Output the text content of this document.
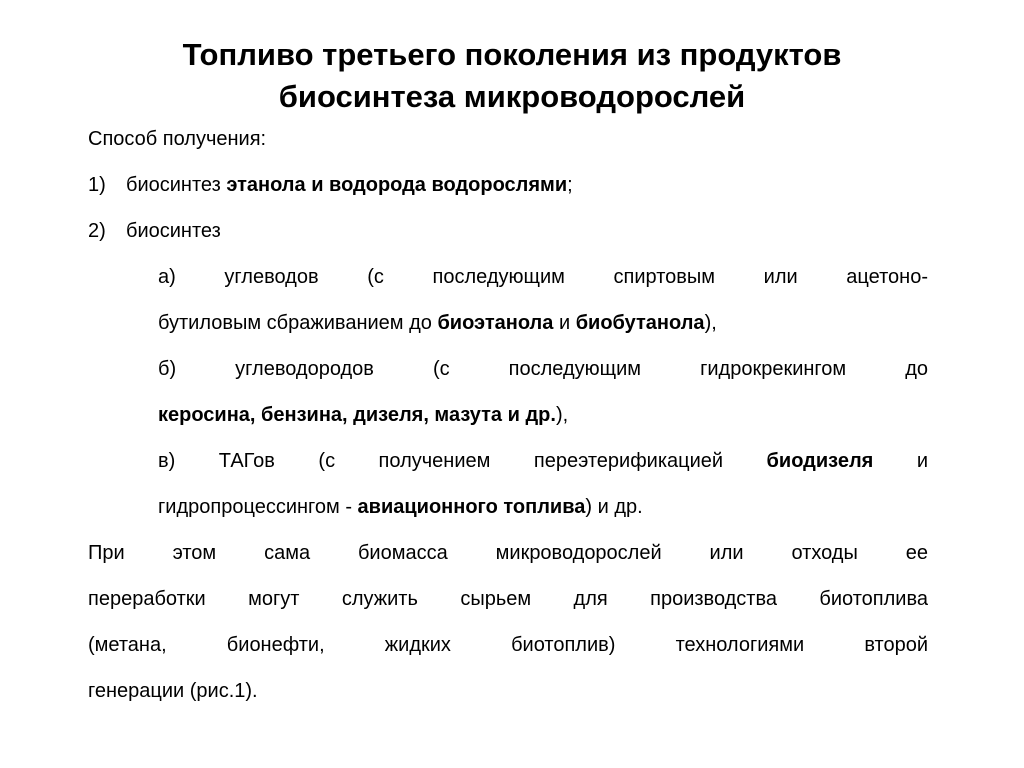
Топливо третьего поколения из продуктов
биосинтеза микроводорослей
Способ получения:
1) биосинтез этанола и водорода водорослями;
2) биосинтез
а) углеводов (с последующим спиртовым или ацетоно-
бутиловым сбраживанием до биоэтанола и биобутанола),
б) углеводородов (с последующим гидрокрекингом до
керосина, бензина, дизеля, мазута и др.),
в) ТАГов (с получением переэтерификацией биодизеля и
гидропроцессингом - авиационного топлива) и др.
При этом сама биомасса микроводорослей или отходы ее
переработки могут служить сырьем для производства биотоплива
(метана, бионефти, жидких биотоплив) технологиями второй
генерации (рис.1).
